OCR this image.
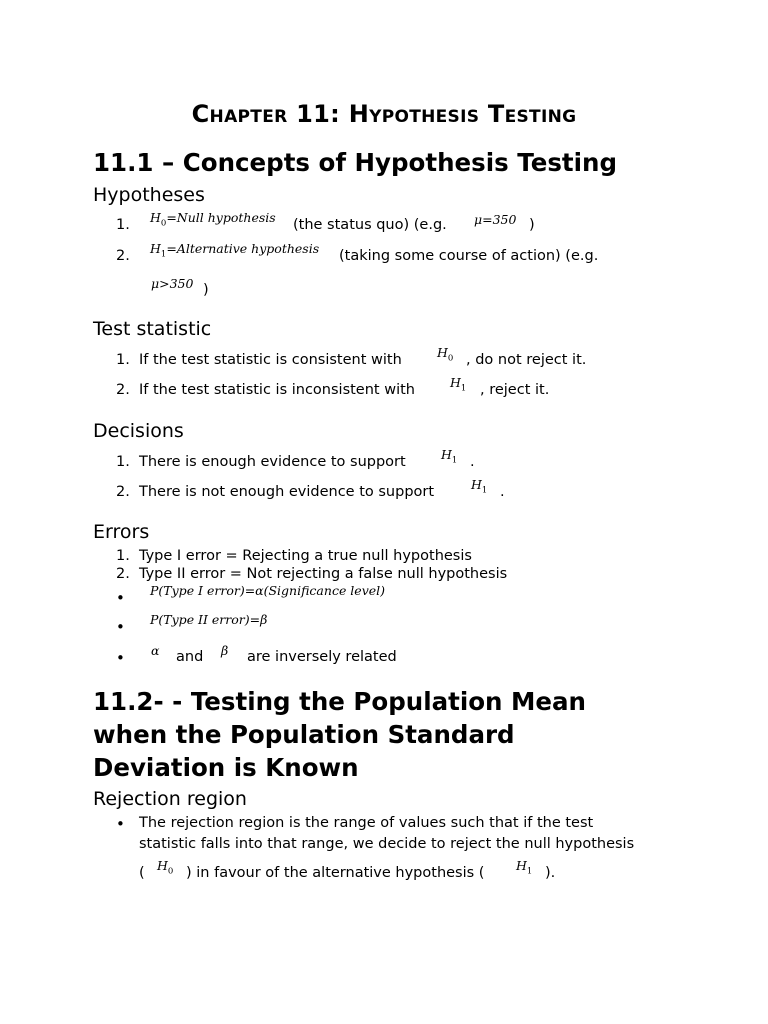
Chapter 11: Hypothesis Testing
11.1 – Concepts of Hypothesis Testing
Hypotheses
1. $H_0=Null$ hypothesis (the status quo) (e.g. μ=350 )
2. $H_1=Alternative$ hypothesis (taking some course of action) (e.g.
μ>350 )
Test statistic
1. If the test statistic is consistent with	$H_0$ , do not reject it.
2. If the test statistic is inconsistent with	$H_1$ , reject it.
Decisions
1. There is enough evidence to support	$H_1$ .
2. There is not enough evidence to support	$H_1$ .
Errors
1. Type I error = Rejecting a true null hypothesis
2. Type II error = Not rejecting a false null hypothesis
• P(Type I error)=α(Significance level)
• P(Type II error)=β
• α and β are inversely related
11.2- - Testing the Population Mean when the Population Standard Deviation is Known
Rejection region
• The rejection region is the range of values such that if the test
statistic falls into that range, we decide to reject the null hypothesis
( $H_0$ ) in favour of the alternative hypothesis (	$H_1$ ).
